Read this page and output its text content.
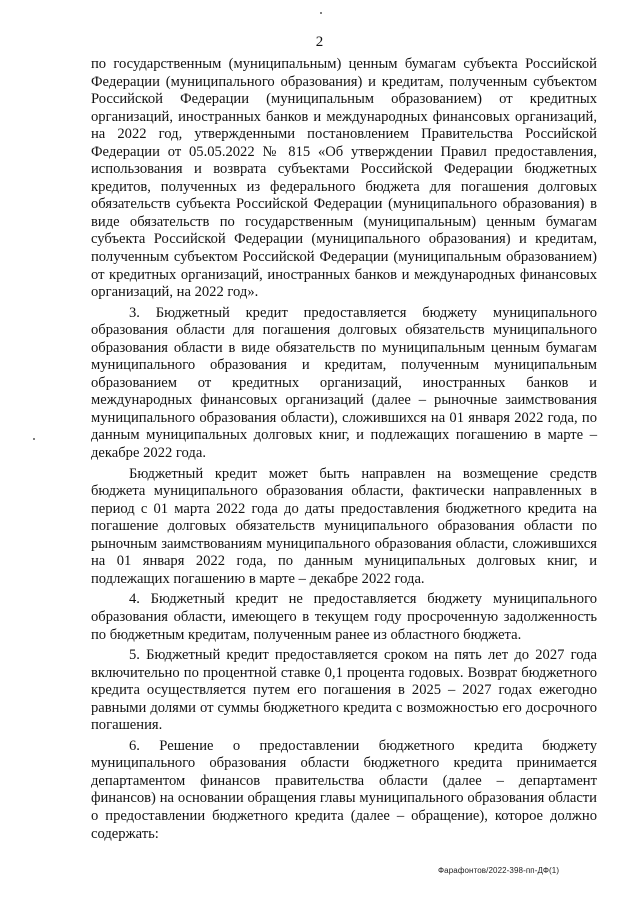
2

по государственным (муниципальным) ценным бумагам субъекта Российской Федерации (муниципального образования) и кредитам, полученным субъектом Российской Федерации (муниципальным образованием) от кредитных организаций, иностранных банков и международных финансовых организаций, на 2022 год, утвержденными постановлением Правительства Российской Федерации от 05.05.2022 № 815 «Об утверждении Правил предоставления, использования и возврата субъектами Российской Федерации бюджетных кредитов, полученных из федерального бюджета для погашения долговых обязательств субъекта Российской Федерации (муниципального образования) в виде обязательств по государственным (муниципальным) ценным бумагам субъекта Российской Федерации (муниципального образования) и кредитам, полученным субъектом Российской Федерации (муниципальным образованием) от кредитных организаций, иностранных банков и международных финансовых организаций, на 2022 год».

3. Бюджетный кредит предоставляется бюджету муниципального образования области для погашения долговых обязательств муниципального образования области в виде обязательств по муниципальным ценным бумагам муниципального образования и кредитам, полученным муниципальным образованием от кредитных организаций, иностранных банков и международных финансовых организаций (далее – рыночные заимствования муниципального образования области), сложившихся на 01 января 2022 года, по данным муниципальных долговых книг, и подлежащих погашению в марте – декабре 2022 года.

Бюджетный кредит может быть направлен на возмещение средств бюджета муниципального образования области, фактически направленных в период с 01 марта 2022 года до даты предоставления бюджетного кредита на погашение долговых обязательств муниципального образования области по рыночным заимствованиям муниципального образования области, сложившихся на 01 января 2022 года, по данным муниципальных долговых книг, и подлежащих погашению в марте – декабре 2022 года.

4. Бюджетный кредит не предоставляется бюджету муниципального образования области, имеющего в текущем году просроченную задолженность по бюджетным кредитам, полученным ранее из областного бюджета.

5. Бюджетный кредит предоставляется сроком на пять лет до 2027 года включительно по процентной ставке 0,1 процента годовых. Возврат бюджетного кредита осуществляется путем его погашения в 2025 – 2027 годах ежегодно равными долями от суммы бюджетного кредита с возможностью его досрочного погашения.

6. Решение о предоставлении бюджетного кредита бюджету муниципального образования области бюджетного кредита принимается департаментом финансов правительства области (далее – департамент финансов) на основании обращения главы муниципального образования области о предоставлении бюджетного кредита (далее – обращение), которое должно содержать:

Фарафонтов/2022-398-пп-ДФ(1)
